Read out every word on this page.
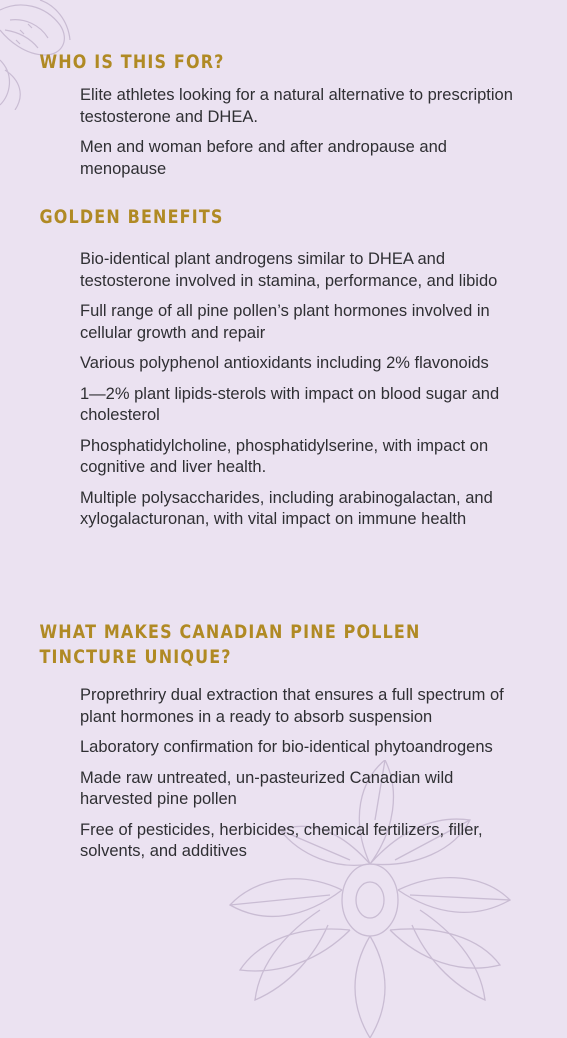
WHO IS THIS FOR?
Elite athletes looking for a natural alternative to prescription testosterone and DHEA.
Men and woman before and after andropause and menopause
GOLDEN BENEFITS
Bio-identical plant androgens similar to DHEA and testosterone involved in stamina, performance, and libido
Full range of all pine pollen’s plant hormones involved in cellular growth and repair
Various polyphenol antioxidants including 2% flavonoids
1—2% plant lipids-sterols with impact on blood sugar and cholesterol
Phosphatidylcholine, phosphatidylserine, with impact on cognitive and liver health.
Multiple polysaccharides, including arabinogalactan, and xylogalacturonan, with vital impact on immune health
WHAT MAKES CANADIAN PINE POLLEN
TINCTURE UNIQUE?
Proprethriry dual extraction that ensures a full spectrum of plant hormones in a ready to absorb suspension
Laboratory confirmation for bio-identical phytoandrogens
Made raw untreated, un-pasteurized Canadian wild harvested pine pollen
Free of pesticides, herbicides, chemical fertilizers, filler, solvents, and additives
